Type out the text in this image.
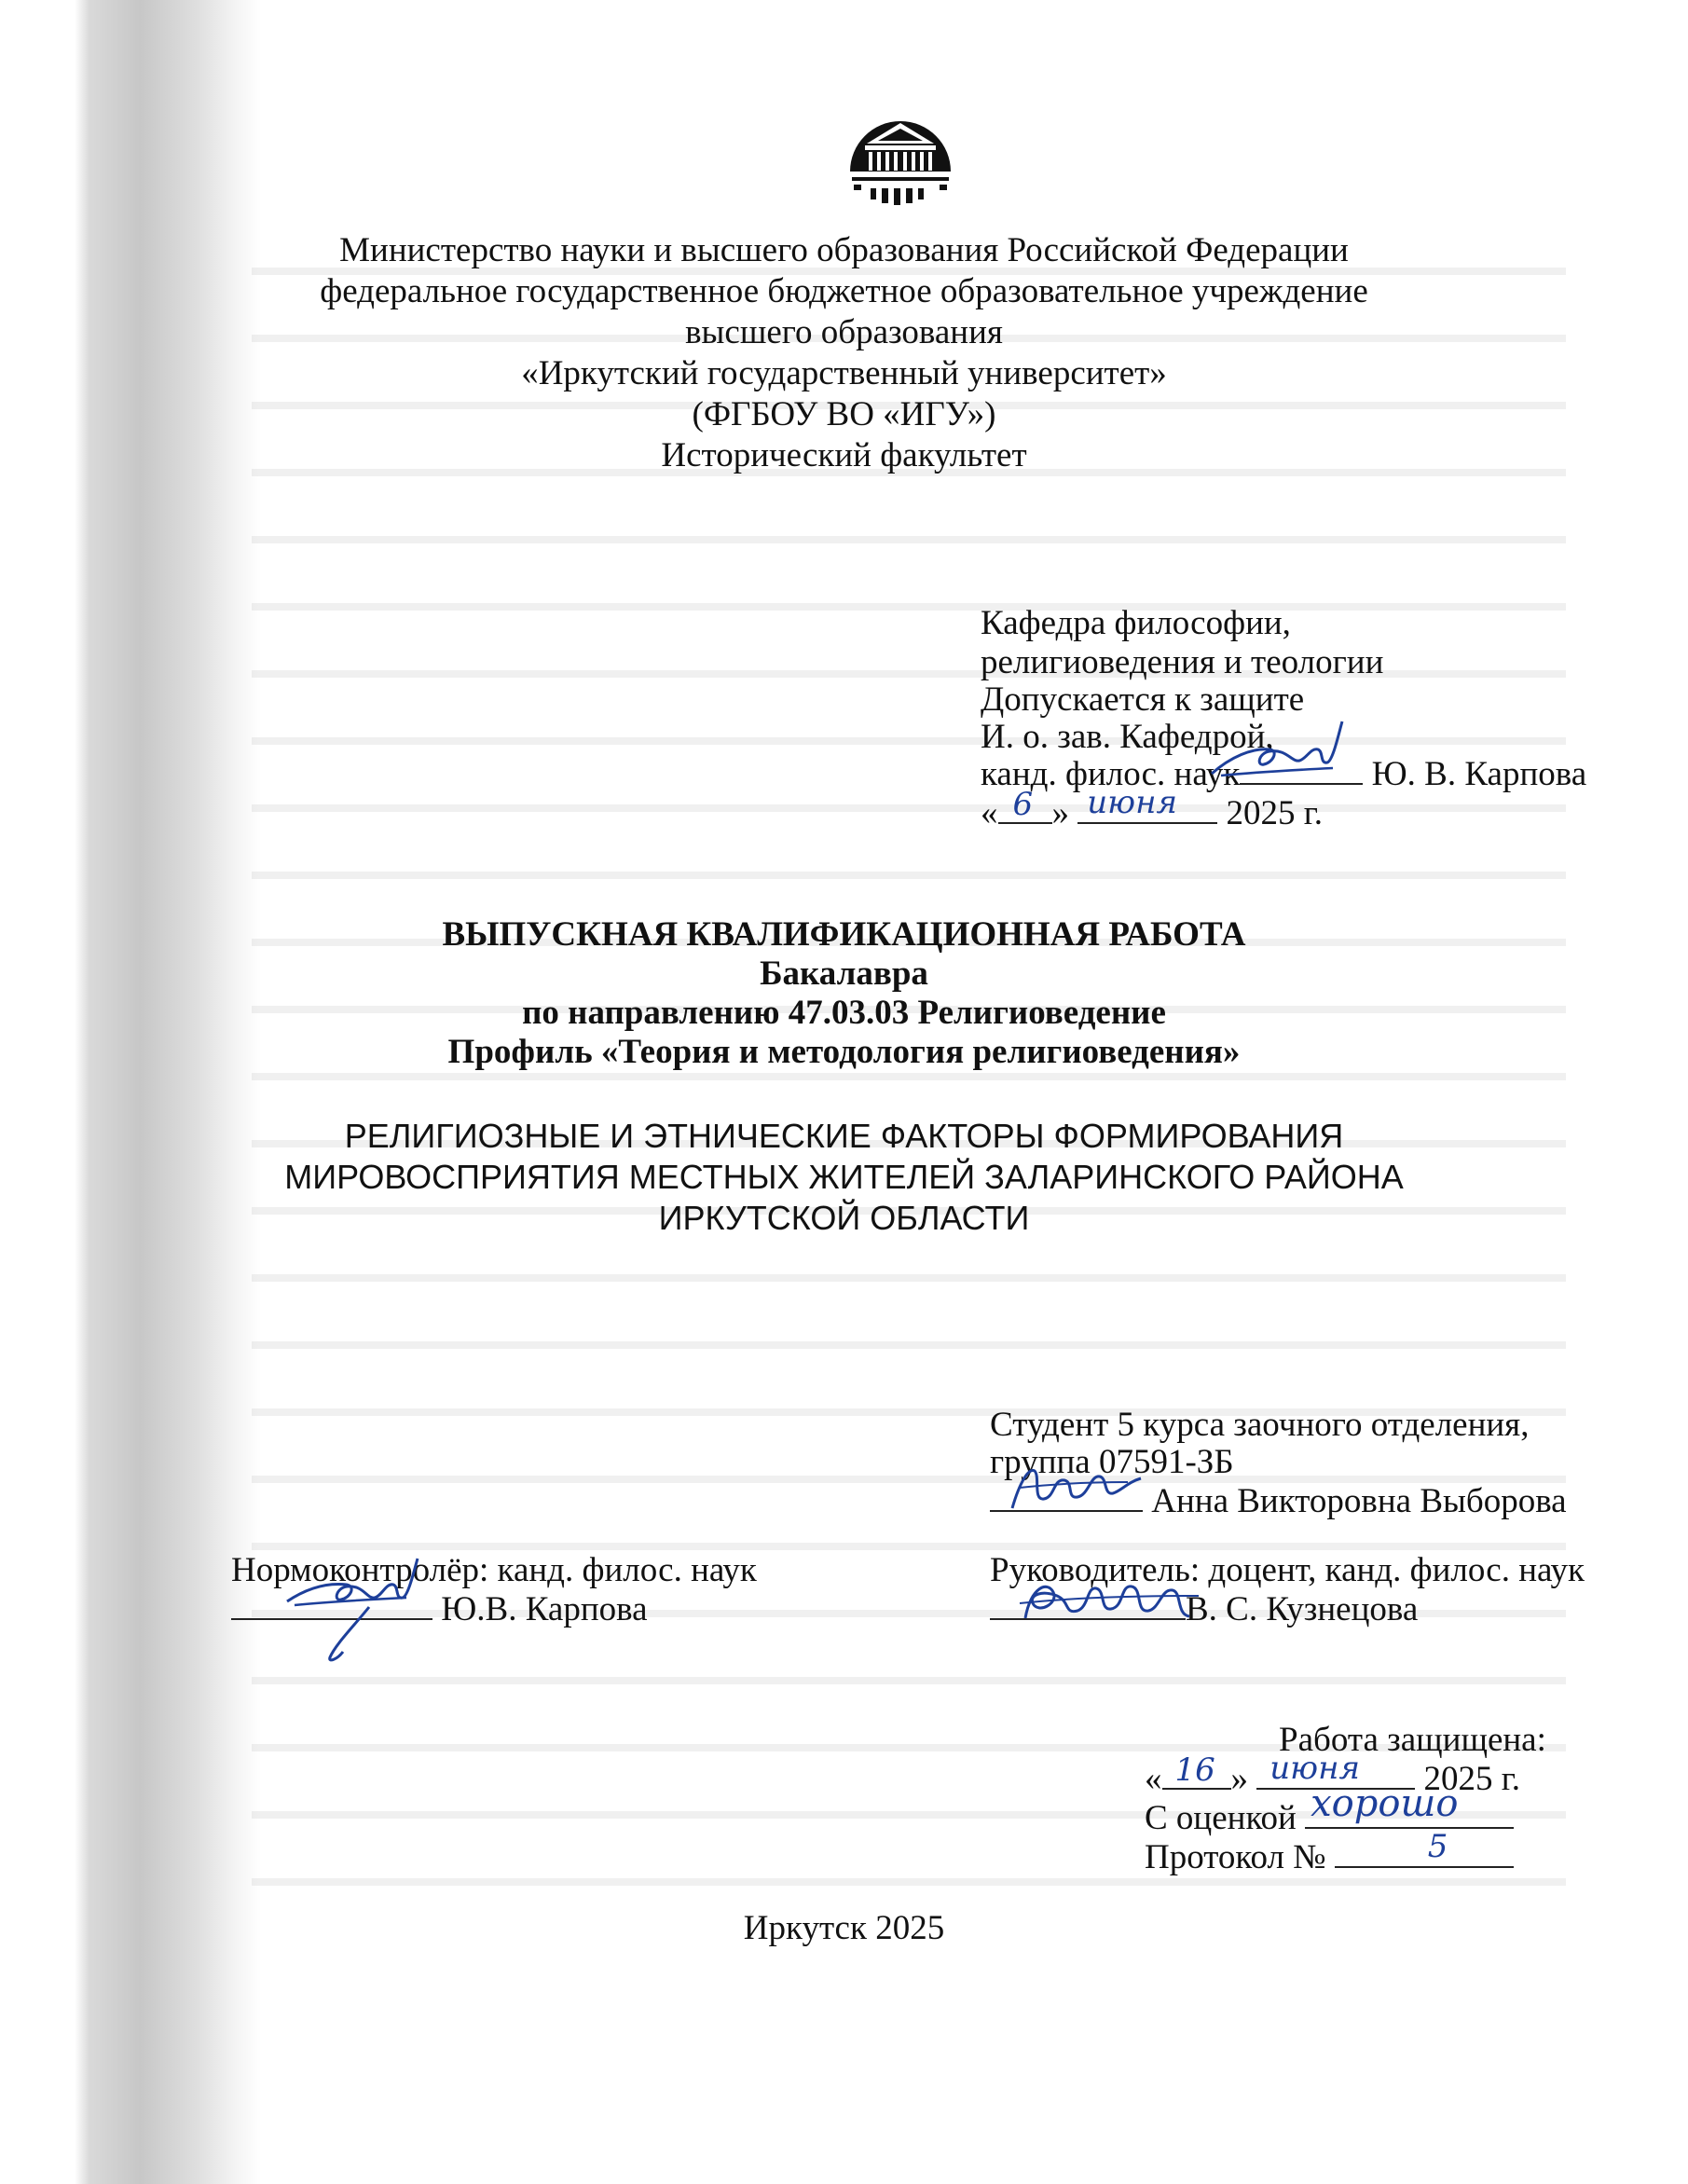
Министерство науки и высшего образования Российской Федерации
федеральное государственное бюджетное образовательное учреждение
высшего образования
«Иркутский государственный университет»
(ФГБОУ ВО «ИГУ»)
Исторический факультет
Кафедра философии,
религиоведения и теологии
Допускается к защите
И. о. зав. Кафедрой,
канд. филос. наук	Ю. В. Карпова
« 6 » июня 2025 г.
ВЫПУСКНАЯ КВАЛИФИКАЦИОННАЯ РАБОТА
Бакалавра
по направлению 47.03.03 Религиоведение
Профиль «Теория и методология религиоведения»
РЕЛИГИОЗНЫЕ И ЭТНИЧЕСКИЕ ФАКТОРЫ ФОРМИРОВАНИЯ
МИРОВОСПРИЯТИЯ МЕСТНЫХ ЖИТЕЛЕЙ ЗАЛАРИНСКОГО РАЙОНА
ИРКУТСКОЙ ОБЛАСТИ
Студент 5 курса заочного отделения,
группа 07591-ЗБ
Анна Викторовна Выборова
Нормоконтролёр: канд. филос. наук
Ю.В. Карпова
Руководитель: доцент, канд. филос. наук
В. С. Кузнецова
Работа защищена:
« 16 » июня 2025 г.
С оценкой хорошо
Протокол №	5
Иркутск 2025
